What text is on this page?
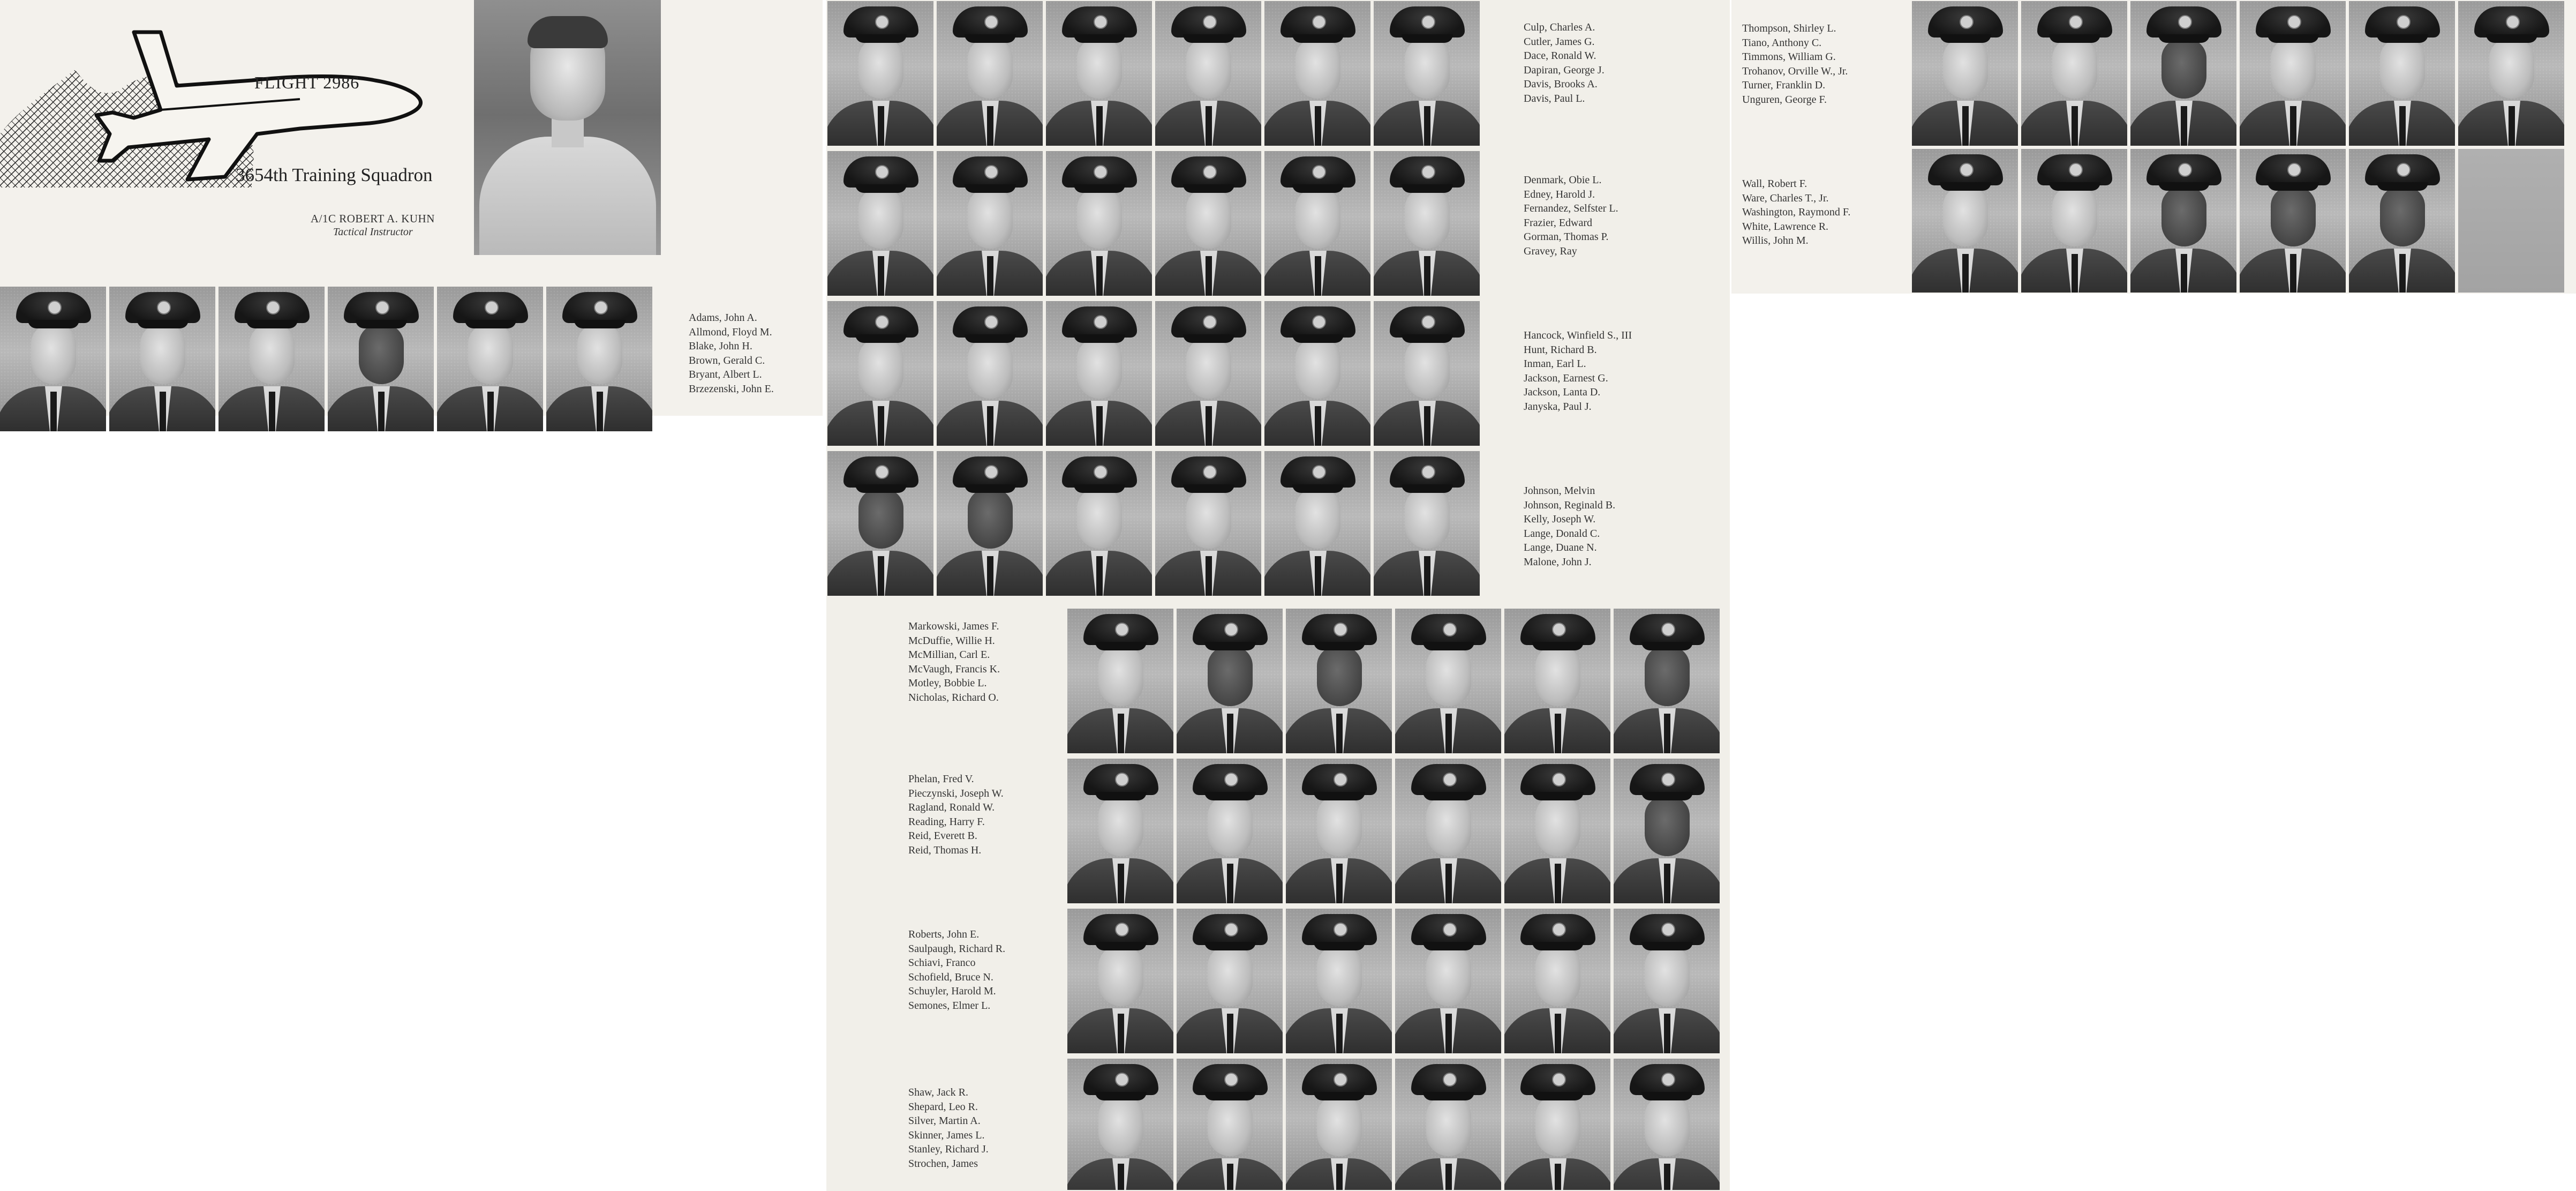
FLIGHT 2986
3654th Training Squadron
A/1C ROBERT A. KUHN
Tactical Instructor
Adams, John A.
Allmond, Floyd M.
Blake, John H.
Brown, Gerald C.
Bryant, Albert L.
Brzezenski, John E.
Culp, Charles A.
Cutler, James G.
Dace, Ronald W.
Dapiran, George J.
Davis, Brooks A.
Davis, Paul L.
Denmark, Obie L.
Edney, Harold J.
Fernandez, Selfster L.
Frazier, Edward
Gorman, Thomas P.
Gravey, Ray
Hancock, Winfield S., III
Hunt, Richard B.
Inman, Earl L.
Jackson, Earnest G.
Jackson, Lanta D.
Janyska, Paul J.
Johnson, Melvin
Johnson, Reginald B.
Kelly, Joseph W.
Lange, Donald C.
Lange, Duane N.
Malone, John J.
Markowski, James F.
McDuffie, Willie H.
McMillian, Carl E.
McVaugh, Francis K.
Motley, Bobbie L.
Nicholas, Richard O.
Phelan, Fred V.
Pieczynski, Joseph W.
Ragland, Ronald W.
Reading, Harry F.
Reid, Everett B.
Reid, Thomas H.
Roberts, John E.
Saulpaugh, Richard R.
Schiavi, Franco
Schofield, Bruce N.
Schuyler, Harold M.
Semones, Elmer L.
Shaw, Jack R.
Shepard, Leo R.
Silver, Martin A.
Skinner, James L.
Stanley, Richard J.
Strochen, James
Thompson, Shirley L.
Tiano, Anthony C.
Timmons, William G.
Trohanov, Orville W., Jr.
Turner, Franklin D.
Unguren, George F.
Wall, Robert F.
Ware, Charles T., Jr.
Washington, Raymond F.
White, Lawrence R.
Willis, John M.
